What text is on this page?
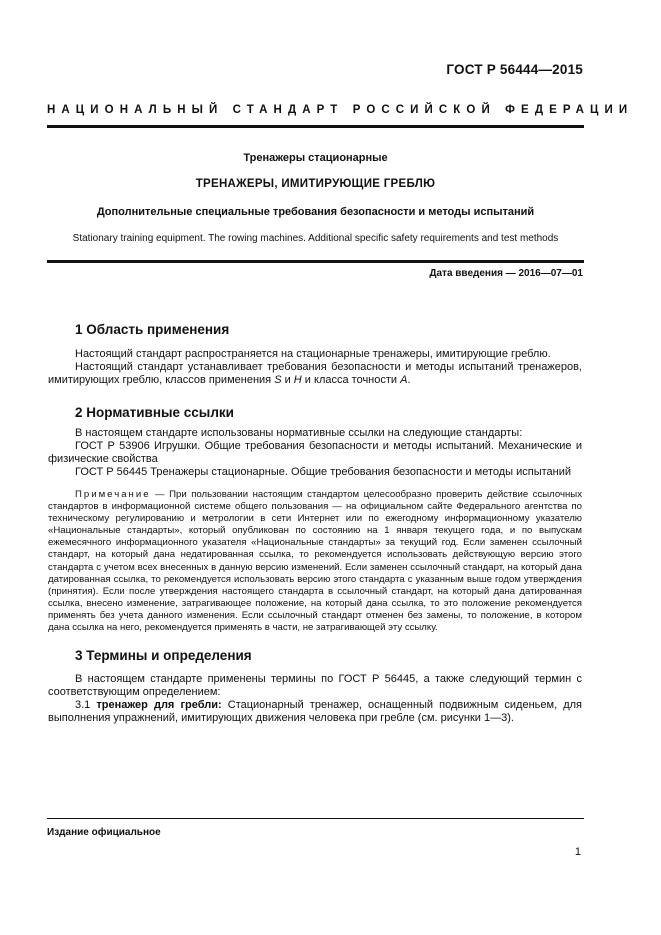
ГОСТ Р 56444—2015
НАЦИОНАЛЬНЫЙ СТАНДАРТ РОССИЙСКОЙ ФЕДЕРАЦИИ
Тренажеры стационарные
ТРЕНАЖЕРЫ, ИМИТИРУЮЩИЕ ГРЕБЛЮ
Дополнительные специальные требования безопасности и методы испытаний
Stationary training equipment. The rowing machines. Additional specific safety requirements and test methods
Дата введения — 2016—07—01
1 Область применения

Настоящий стандарт распространяется на стационарные тренажеры, имитирующие греблю.

Настоящий стандарт устанавливает требования безопасности и методы испытаний тренажеров, имитирующих греблю, классов применения S и H и класса точности А.

2 Нормативные ссылки

В настоящем стандарте использованы нормативные ссылки на следующие стандарты:

ГОСТ Р 53906 Игрушки. Общие требования безопасности и методы испытаний. Механические и физические свойства

ГОСТ Р 56445 Тренажеры стационарные. Общие требования безопасности и методы испытаний

Примечание — При пользовании настоящим стандартом целесообразно проверить действие ссылочных стандартов в информационной системе общего пользования — на официальном сайте Федерального агентства по техническому регулированию и метрологии в сети Интернет или по ежегодному информационному указателю «Национальные стандарты», который опубликован по состоянию на 1 января текущего года, и по выпускам ежемесячного информационного указателя «Национальные стандарты» за текущий год. Если заменен ссылочный стандарт, на который дана недатированная ссылка, то рекомендуется использовать действующую версию этого стандарта с учетом всех внесенных в данную версию изменений. Если заменен ссылочный стандарт, на который дана датированная ссылка, то рекомендуется использовать версию этого стандарта с указанным выше годом утверждения (принятия). Если после утверждения настоящего стандарта в ссылочный стандарт, на который дана датированная ссылка, внесено изменение, затрагивающее положение, на который дана ссылка, то это положение рекомендуется применять без учета данного изменения. Если ссылочный стандарт отменен без замены, то положение, в котором дана ссылка на него, рекомендуется применять в части, не затрагивающей эту ссылку.

3 Термины и определения

В настоящем стандарте применены термины по ГОСТ Р 56445, а также следующий термин с соответствующим определением:

3.1 тренажер для гребли: Стационарный тренажер, оснащенный подвижным сиденьем, для выполнения упражнений, имитирующих движения человека при гребле (см. рисунки 1—3).

Издание официальное
1
